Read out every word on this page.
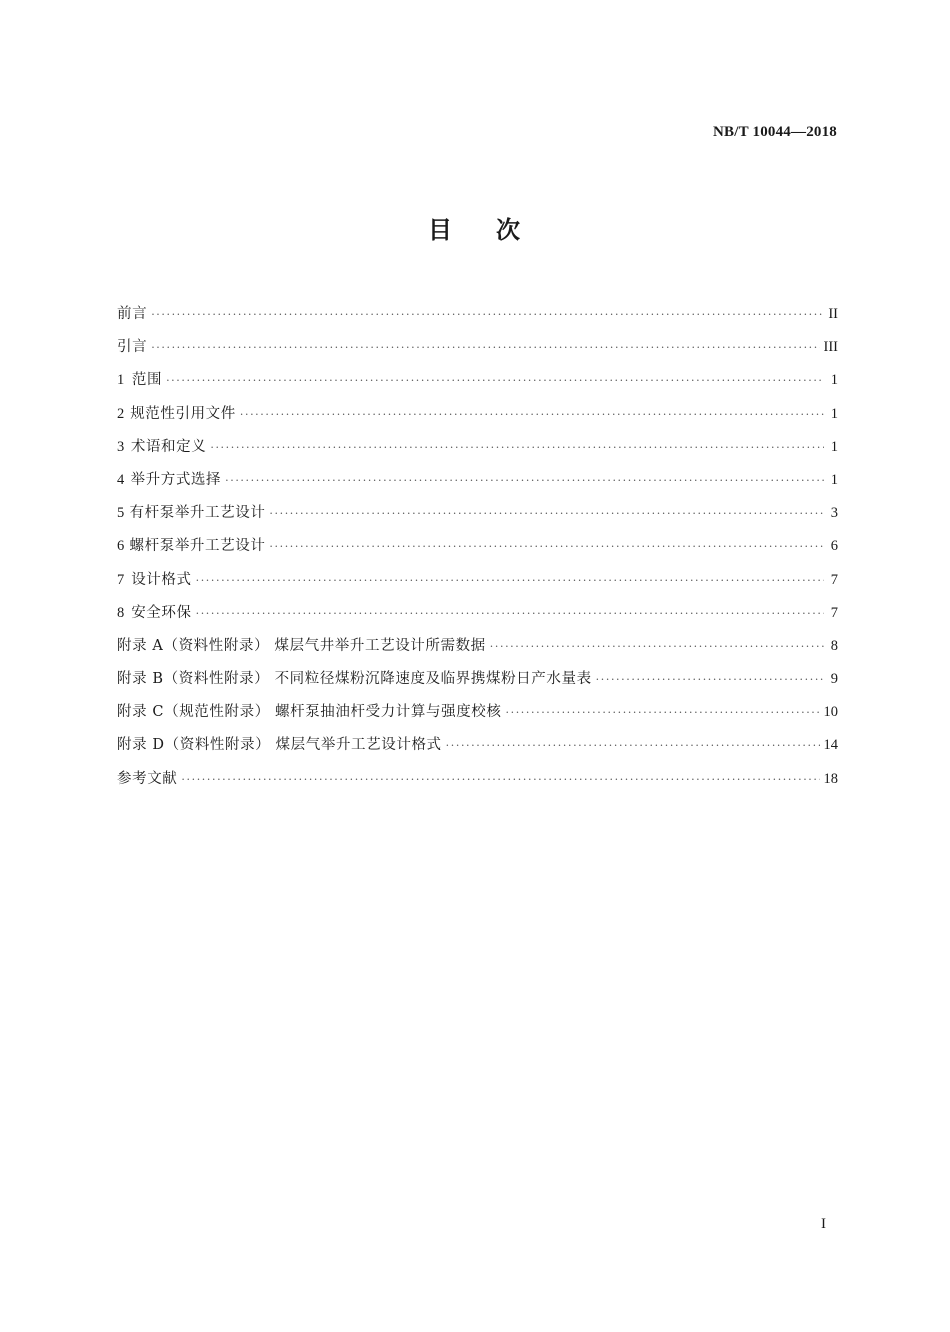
NB/T 10044—2018
目 次
前言 ·····	II
引言 ·····	III
1 范围 ·····	1
2 规范性引用文件 ·····	1
3 术语和定义 ·····	1
4 举升方式选择 ·····	1
5 有杆泵举升工艺设计 ·····	3
6 螺杆泵举升工艺设计 ·····	6
7 设计格式 ·····	7
8 安全环保 ·····	7
附录 A（资料性附录） 煤层气井举升工艺设计所需数据 ·····	8
附录 B（资料性附录） 不同粒径煤粉沉降速度及临界携煤粉日产水量表 ·····	9
附录 C（规范性附录） 螺杆泵抽油杆受力计算与强度校核 ·····	10
附录 D（资料性附录） 煤层气举升工艺设计格式 ·····	14
参考文献 ·····	18
I
